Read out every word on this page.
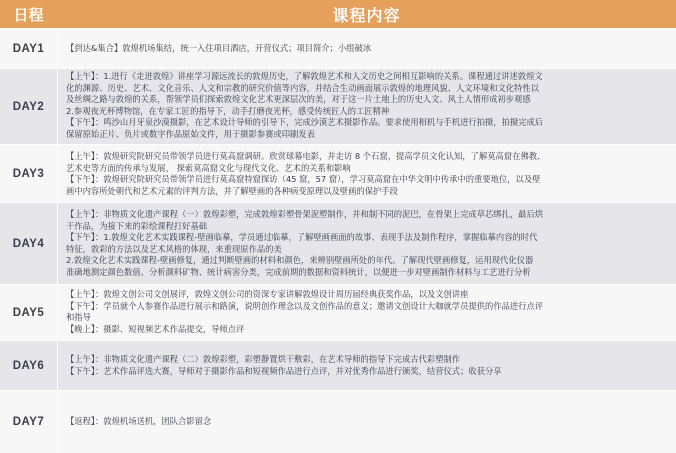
日程	课程内容
DAY1	【到达&集合】敦煌机场集结，统一入住项目酒店，开营仪式；项目简介；小组破冰
DAY2
【上午】：1.进行《走进敦煌》讲座学习源远流长的敦煌历史，了解敦煌艺术和人文历史之间相互影响的关系。课程通过讲述敦煌文
化的渊源、历史、艺术、文化音乐、人文和宗教的研究价值等内容，并结合生动画面展示敦煌的地理风貌、人文环境和文化特性以
及丝绸之路与敦煌的关系，帮领学员们探索敦煌文化艺术更深层次的美，对于这一片土地上的历史人文、风土人情形成初步观感
2.参观夜光杯博物馆，在专家工匠的指导下，动手打磨夜光杯，感受传统匠人的工匠精神
【下午】：鸣沙山月牙泉沙漠摄影，在艺术设计导师的引导下，完成沙漠艺术摄影作品。要求使用相机与手机进行拍摄，拍摄完成后
保留原始正片、负片或数字作品原始文件，用于摄影参赛或印刷发表
DAY3
【上午】：敦煌研究院研究员带领学员进行莫高窟调研。欣赏球幕电影，并走访 8 个石窟，提高学员文化认知，了解莫高窟在佛教、
艺术史等方面的传承与发展， 探索莫高窟文化与现代文化、艺术的关系和影响
【下午】：敦煌研究院研究员带领学员进行莫高窟特窟探访（45 窟，57 窟），学习莫高窟在中华文明中传承中的重要地位，以及壁
画中内容所处朝代和艺术元素的评判方法，并了解壁画的各种病变原理以及壁画的保护手段
DAY4
【上午】：非物质文化遗产课程（一）敦煌彩塑，完成敦煌彩塑骨架泥塑制作，并和制不同的泥巴，在骨架上完成草芯绑扎，最后烘
干作品，为接下来的彩绘课程打好基础
【下午】：1.敦煌文化艺术实践课程-壁画临摹，学员通过临摹，了解壁画画面的故事、表现手法及制作程序，掌握临摹内容的时代
特征，敦彩的方法以及艺术风格的体现，来重现原作品的美
2.敦煌文化艺术实践课程-壁画修复，通过判断壁画的材料和颜色，来辨别壁画所处的年代。了解现代壁画修复，运用现代化仪器
准确地测定颜色数值、分析颜料矿物、统计病害分类，完成前期的数据和资料统计，以便进一步对壁画制作材料与工艺进行分析
DAY5
【上午】：敦煌文创公司文创展评，敦煌文创公司的资深专家讲解敦煌设计周历届经典获奖作品，以及文创讲座
【下午】：学员就个人参赛作品进行展示和路演，说明创作理念以及文创作品的意义；邀请文创设计大咖就学员提供的作品进行点评
和指导
【晚上】：摄影、短视频艺术作品提交，导师点评
DAY6
【上午】：非物质文化遗产课程（二）敦煌彩塑，彩塑静置烘干敷彩，在艺术导师的指导下完成古代彩塑制作
【下午】：艺术作品评选大赛，导师对于摄影作品和短视频作品进行点评，并对优秀作品进行颁奖，结营仪式；收获分享
DAY7	【返程】：敦煌机场送机，团队合影留念
